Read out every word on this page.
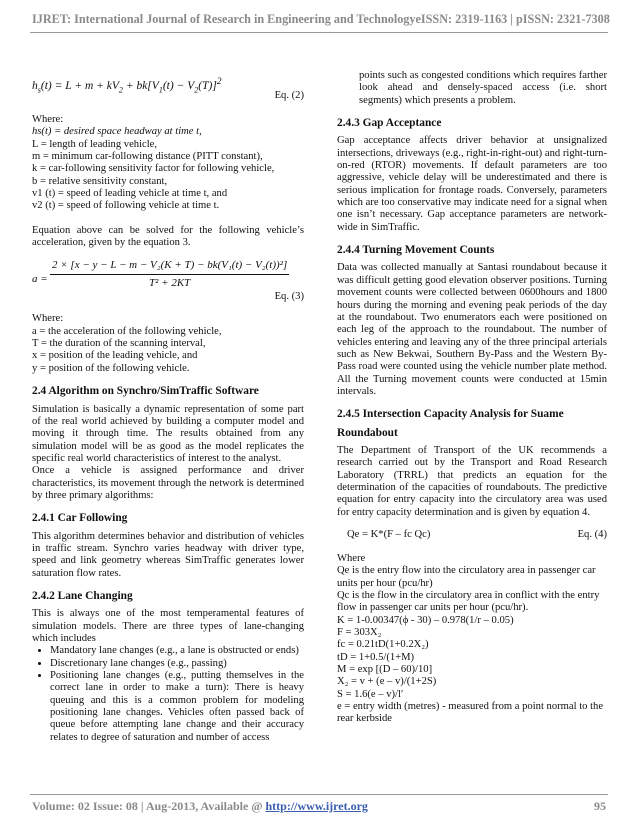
IJRET: International Journal of Research in Engineering and Technology eISSN: 2319-1163 | pISSN: 2321-7308
$h_s(t) = L + m + kV_2 + bk[V_1(t) - V_2(T)]^2$
Eq. (2)

Where:

hs(t) = desired space headway at time t,

L = length of leading vehicle,

m = minimum car-following distance (PITT constant),

k = car-following sensitivity factor for following vehicle,

b = relative sensitivity constant,

v1 (t) = speed of leading vehicle at time t, and

v2 (t) = speed of following vehicle at time t.

Equation above can be solved for the following vehicle’s acceleration, given by the equation 3.

$a = \frac{\text{2 × [x − y − L − m − V₂(K + T) − bk(V₁(t) − V₂(t))²]}}{\text{T² + 2KT}}$
Eq. (3)

Where:

a = the acceleration of the following vehicle,

T = the duration of the scanning interval,

x = position of the leading vehicle, and

y = position of the following vehicle.

2.4 Algorithm on Synchro/SimTraffic Software

Simulation is basically a dynamic representation of some part of the real world achieved by building a computer model and moving it through time. The results obtained from any simulation model will be as good as the model replicates the specific real world characteristics of interest to the analyst.

Once a vehicle is assigned performance and driver characteristics, its movement through the network is determined by three primary algorithms:

2.4.1 Car Following

This algorithm determines behavior and distribution of vehicles in traffic stream. Synchro varies headway with driver type, speed and link geometry whereas SimTraffic generates lower saturation flow rates.

2.4.2 Lane Changing

This is always one of the most temperamental features of simulation models. There are three types of lane-changing which includes

• Mandatory lane changes (e.g., a lane is obstructed or ends)
• Discretionary lane changes (e.g., passing)
• Positioning lane changes (e.g., putting themselves in the correct lane in order to make a turn): There is heavy queuing and this is a common problem for modeling positioning lane changes. Vehicles often passed back of queue before attempting lane change and their accuracy relates to degree of saturation and number of access

points such as congested conditions which requires farther look ahead and densely-spaced access (i.e. short segments) which presents a problem.

2.4.3 Gap Acceptance

Gap acceptance affects driver behavior at unsignalized intersections, driveways (e.g., right-in-right-out) and right-turn-on-red (RTOR) movements. If default parameters are too aggressive, vehicle delay will be underestimated and there is serious implication for frontage roads. Conversely, parameters which are too conservative may indicate need for a signal when one isn’t necessary. Gap acceptance parameters are network-wide in SimTraffic.

2.4.4 Turning Movement Counts

Data was collected manually at Santasi roundabout because it was difficult getting good elevation observer positions. Turning movement counts were collected between 0600hours and 1800 hours during the morning and evening peak periods of the day at the roundabout. Two enumerators each were positioned on each leg of the approach to the roundabout. The number of vehicles entering and leaving any of the three principal arterials such as New Bekwai, Southern By-Pass and the Western By-Pass road were counted using the vehicle number plate method. All the Turning movement counts were conducted at 15min intervals.

2.4.5 Intersection Capacity Analysis for Suame
Roundabout

The Department of Transport of the UK recommends a research carried out by the Transport and Road Research Laboratory (TRRL) that predicts an equation for the determination of the capacities of roundabouts. The predictive equation for entry capacity into the circulatory area was used for entry capacity determination and is given by equation 4.

Qe = K*(F – fc Qc)	Eq. (4)

Where

Qe is the entry flow into the circulatory area in passenger car units per hour (pcu/hr)

Qc is the flow in the circulatory area in conflict with the entry flow in passenger car units per hour (pcu/hr).

K = 1-0.00347(ϕ - 30) – 0.978(1/r – 0.05)

F = 303X₂

fc = 0.21tD(1+0.2X₂)

tD = 1+0.5/(1+M)

M = exp [(D – 60)/10]

X₂ = v + (e – v)/(1+2S)

S = 1.6(e – v)/l′

e = entry width (metres) - measured from a point normal to the rear kerbside

Volume: 02 Issue: 08 | Aug-2013, Available @ http://www.ijret.org	95
